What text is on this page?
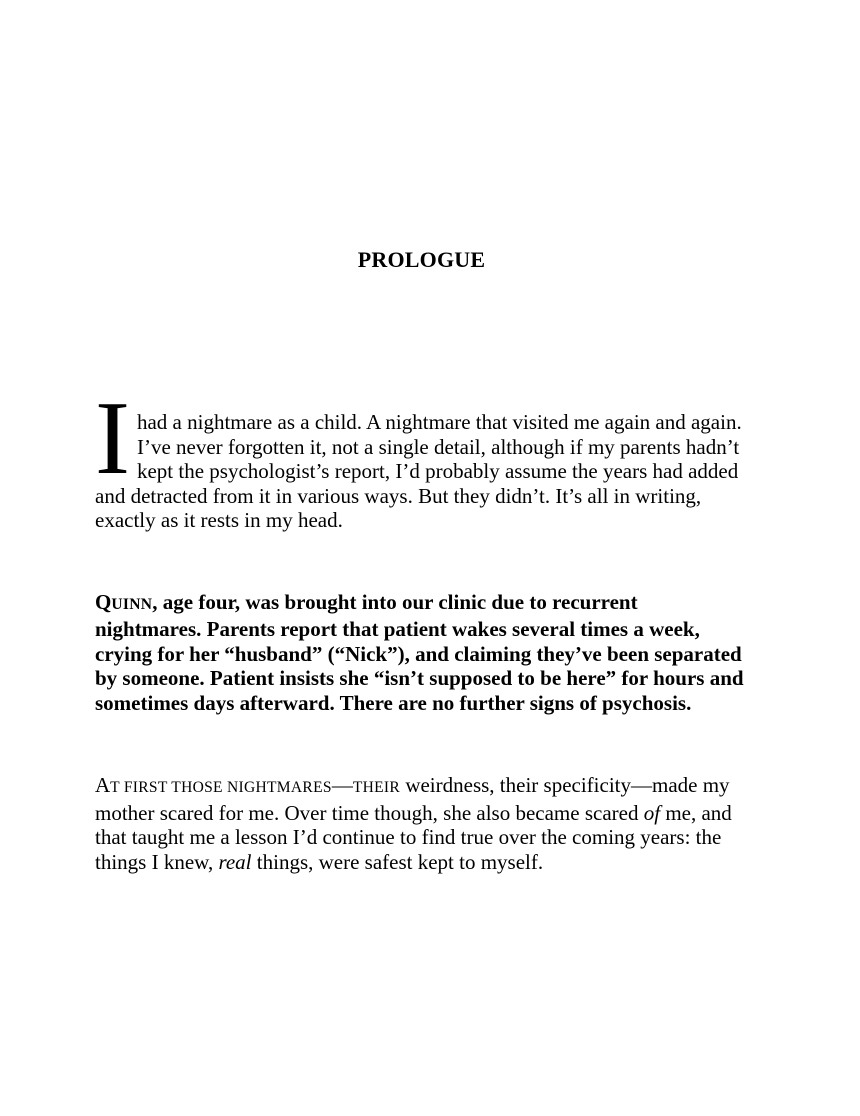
PROLOGUE

Ihad a nightmare as a child. A nightmare that visited me again and again. I’ve never forgotten it, not a single detail, although if my parents hadn’t kept the psychologist’s report, I’d probably assume the years had added and detracted from it in various ways. But they didn’t. It’s all in writing, exactly as it rests in my head.

QUINN, age four, was brought into our clinic due to recurrent nightmares. Parents report that patient wakes several times a week, crying for her “husband” (“Nick”), and claiming they’ve been separated by someone. Patient insists she “isn’t supposed to be here” for hours and sometimes days afterward. There are no further signs of psychosis.

AT FIRST THOSE NIGHTMARES—THEIR weirdness, their specificity—made my mother scared for me. Over time though, she also became scared of me, and that taught me a lesson I’d continue to find true over the coming years: the things I knew, real things, were safest kept to myself.
